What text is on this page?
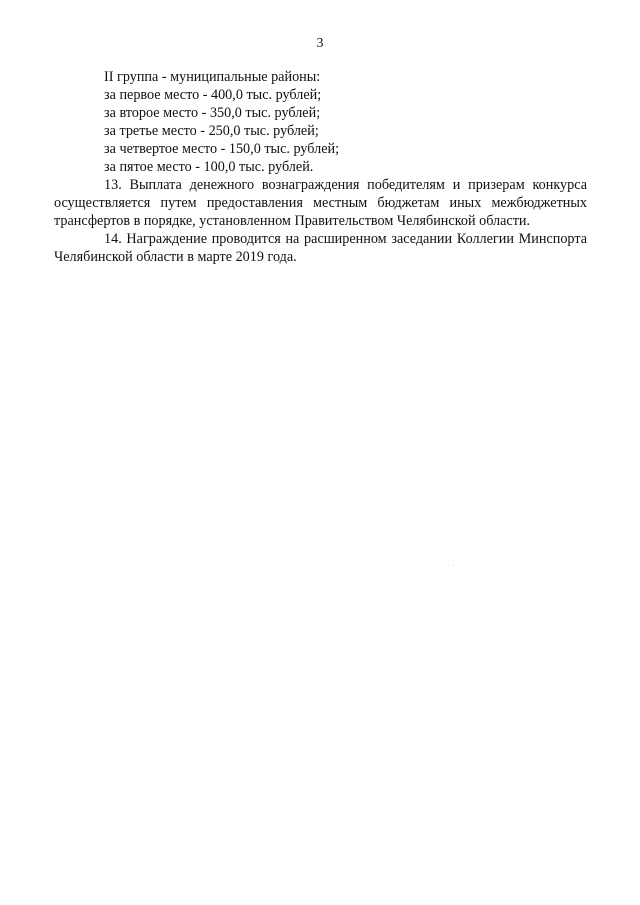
3
II группа - муниципальные районы:
за первое место - 400,0 тыс. рублей;
за второе место - 350,0 тыс. рублей;
за третье место - 250,0 тыс. рублей;
за четвертое место - 150,0 тыс. рублей;
за пятое место - 100,0 тыс. рублей.

13. Выплата денежного вознаграждения победителям и призерам конкурса осуществляется путем предоставления местным бюджетам иных межбюджетных трансфертов в порядке, установленном Правительством Челябинской области.

14. Награждение проводится на расширенном заседании Коллегии Минспорта Челябинской области в марте 2019 года.
